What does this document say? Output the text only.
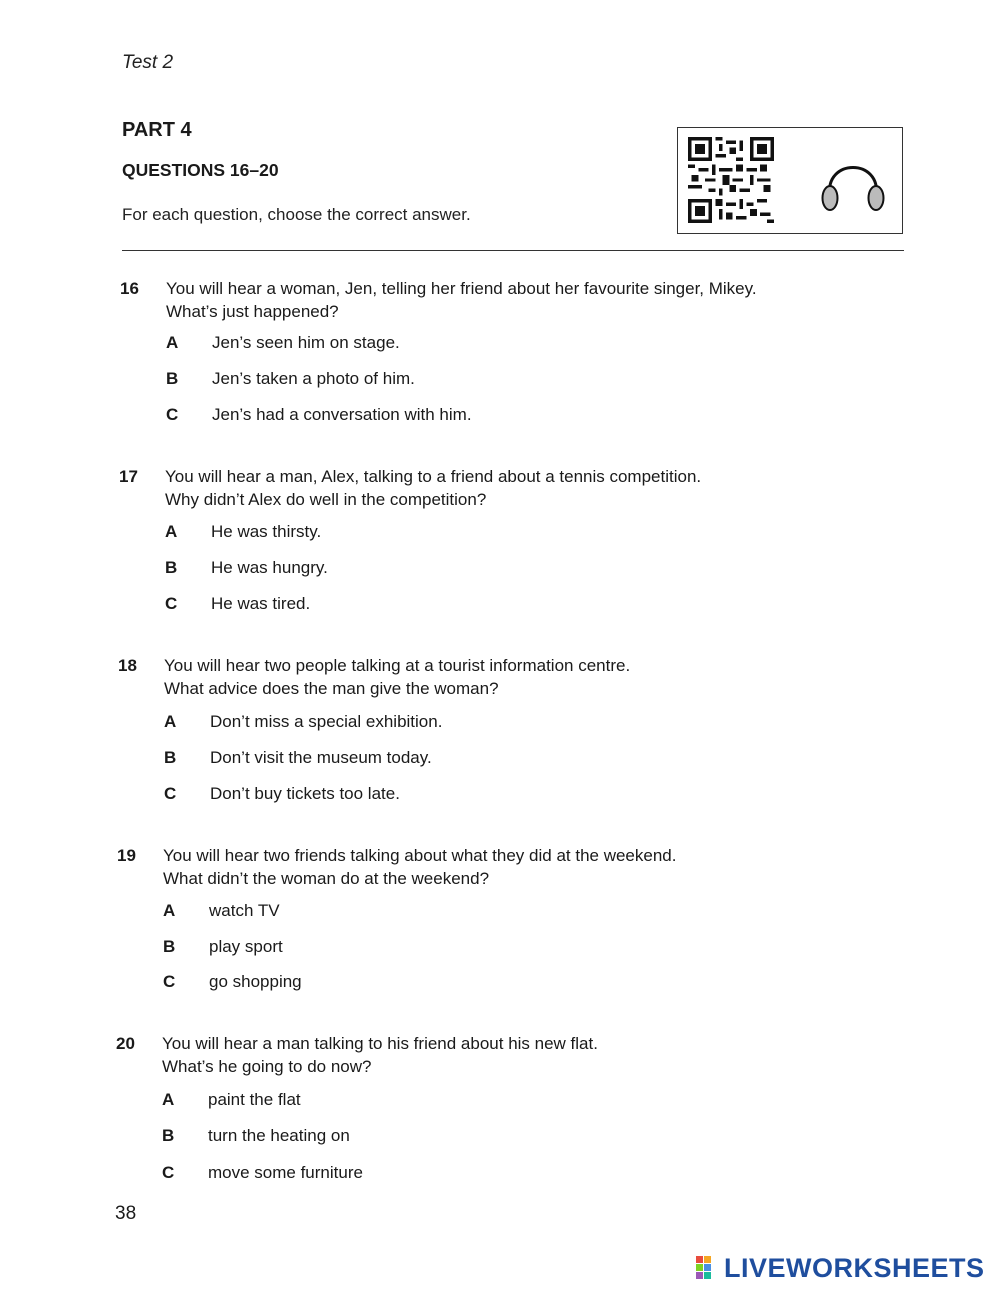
Test 2
PART 4
QUESTIONS 16–20
For each question, choose the correct answer.
16 You will hear a woman, Jen, telling her friend about her favourite singer, Mikey.
What’s just happened?
A Jen’s seen him on stage.
B Jen’s taken a photo of him.
C Jen’s had a conversation with him.
17 You will hear a man, Alex, talking to a friend about a tennis competition.
Why didn’t Alex do well in the competition?
A He was thirsty.
B He was hungry.
C He was tired.
18 You will hear two people talking at a tourist information centre.
What advice does the man give the woman?
A Don’t miss a special exhibition.
B Don’t visit the museum today.
C Don’t buy tickets too late.
19 You will hear two friends talking about what they did at the weekend.
What didn’t the woman do at the weekend?
A watch TV
B play sport
C go shopping
20 You will hear a man talking to his friend about his new flat.
What’s he going to do now?
A paint the flat
B turn the heating on
C move some furniture
38
LIVEWORKSHEETS
